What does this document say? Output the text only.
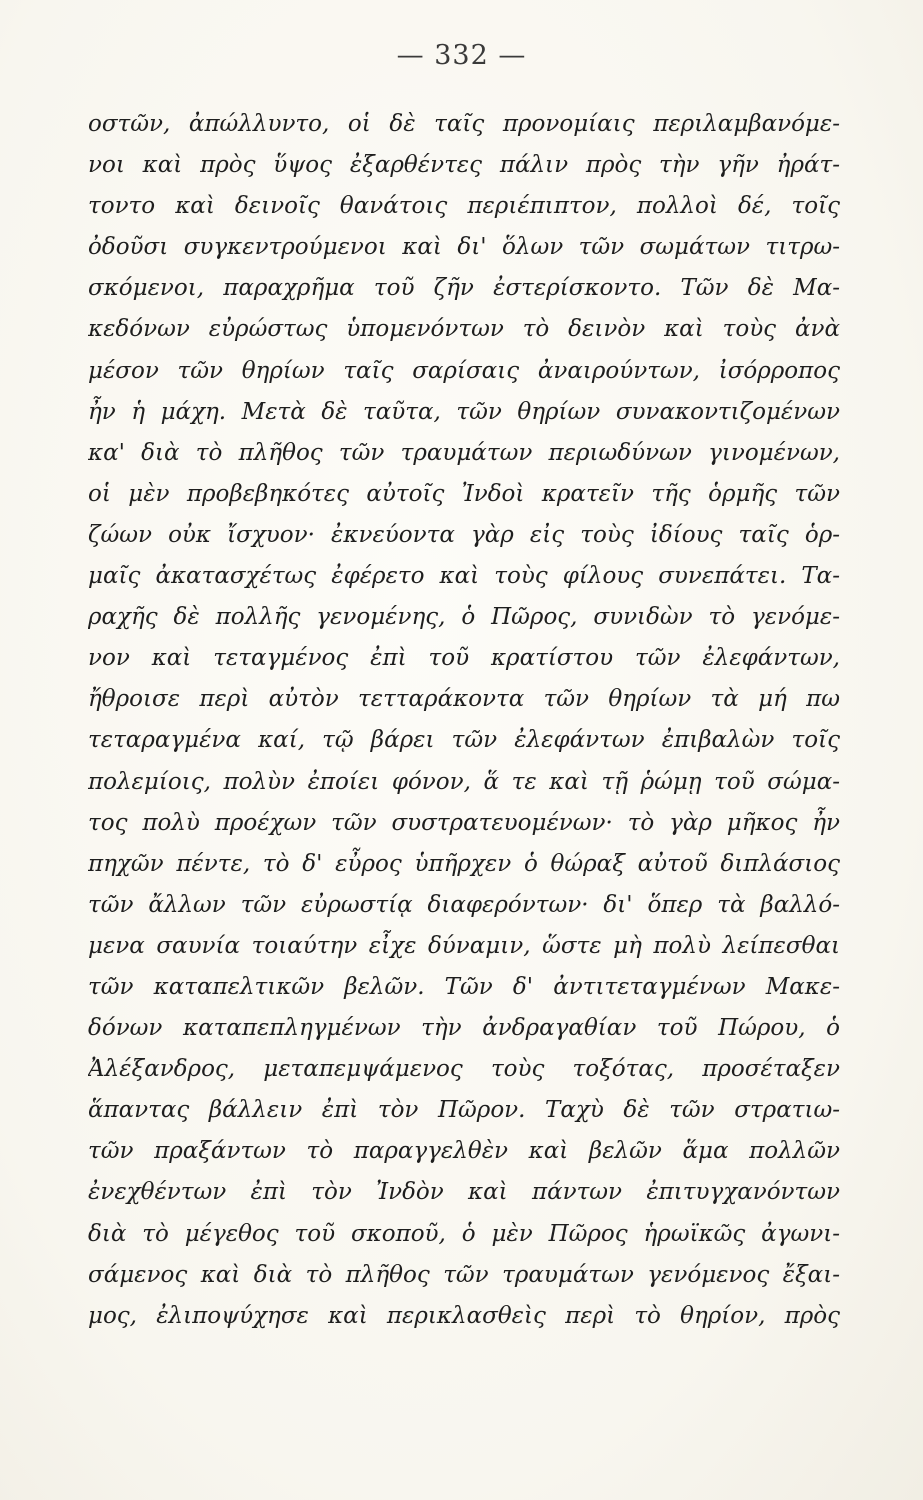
— 332 —
οστῶν, ἀπώλλυντο, οἱ δὲ ταῖς προνομίαις περιλαμβανόμε-
νοι καὶ πρὸς ὕψος ἐξαρθέντες πάλιν πρὸς τὴν γῆν ἠράτ-
τοντο καὶ δεινοῖς θανάτοις περιέπιπτον, πολλοὶ δέ, τοῖς
ὀδοῦσι συγκεντρούμενοι καὶ δι' ὅλων τῶν σωμάτων τιτρω-
σκόμενοι, παραχρῆμα τοῦ ζῆν ἐστερίσκοντο. Τῶν δὲ Μα-
κεδόνων εὐρώστως ὑπομενόντων τὸ δεινὸν καὶ τοὺς ἀνὰ
μέσον τῶν θηρίων ταῖς σαρίσαις ἀναιρούντων, ἰσόρροπος
ἦν ἡ μάχη. Μετὰ δὲ ταῦτα, τῶν θηρίων συνακοντιζομένων
κα' διὰ τὸ πλῆθος τῶν τραυμάτων περιωδύνων γινομένων,
οἱ μὲν προβεβηκότες αὐτοῖς Ἰνδοὶ κρατεῖν τῆς ὁρμῆς τῶν
ζώων οὐκ ἴσχυον· ἐκνεύοντα γὰρ εἰς τοὺς ἰδίους ταῖς ὁρ-
μαῖς ἀκατασχέτως ἐφέρετο καὶ τοὺς φίλους συνεπάτει. Τα-
ραχῆς δὲ πολλῆς γενομένης, ὁ Πῶρος, συνιδὼν τὸ γενόμε-
νον καὶ τεταγμένος ἐπὶ τοῦ κρατίστου τῶν ἐλεφάντων,
ἤθροισε περὶ αὐτὸν τετταράκοντα τῶν θηρίων τὰ μή πω
τεταραγμένα καί, τῷ βάρει τῶν ἐλεφάντων ἐπιβαλὼν τοῖς
πολεμίοις, πολὺν ἐποίει φόνον, ἅ τε καὶ τῇ ῥώμῃ τοῦ σώμα-
τος πολὺ προέχων τῶν συστρατευομένων· τὸ γὰρ μῆκος ἦν
πηχῶν πέντε, τὸ δ' εὖρος ὑπῆρχεν ὁ θώραξ αὐτοῦ διπλάσιος
τῶν ἄλλων τῶν εὐρωστίᾳ διαφερόντων· δι' ὅπερ τὰ βαλλό-
μενα σαυνία τοιαύτην εἶχε δύναμιν, ὥστε μὴ πολὺ λείπεσθαι
τῶν καταπελτικῶν βελῶν. Τῶν δ' ἀντιτεταγμένων Μακε-
δόνων καταπεπληγμένων τὴν ἀνδραγαθίαν τοῦ Πώρου, ὁ
Ἀλέξανδρος, μεταπεμψάμενος τοὺς τοξότας, προσέταξεν
ἅπαντας βάλλειν ἐπὶ τὸν Πῶρον. Ταχὺ δὲ τῶν στρατιω-
τῶν πραξάντων τὸ παραγγελθὲν καὶ βελῶν ἅμα πολλῶν
ἐνεχθέντων ἐπὶ τὸν Ἰνδὸν καὶ πάντων ἐπιτυγχανόντων
διὰ τὸ μέγεθος τοῦ σκοποῦ, ὁ μὲν Πῶρος ἡρωϊκῶς ἀγωνι-
σάμενος καὶ διὰ τὸ πλῆθος τῶν τραυμάτων γενόμενος ἔξαι-
μος, ἐλιποψύχησε καὶ περικλασθεὶς περὶ τὸ θηρίον, πρὸς
